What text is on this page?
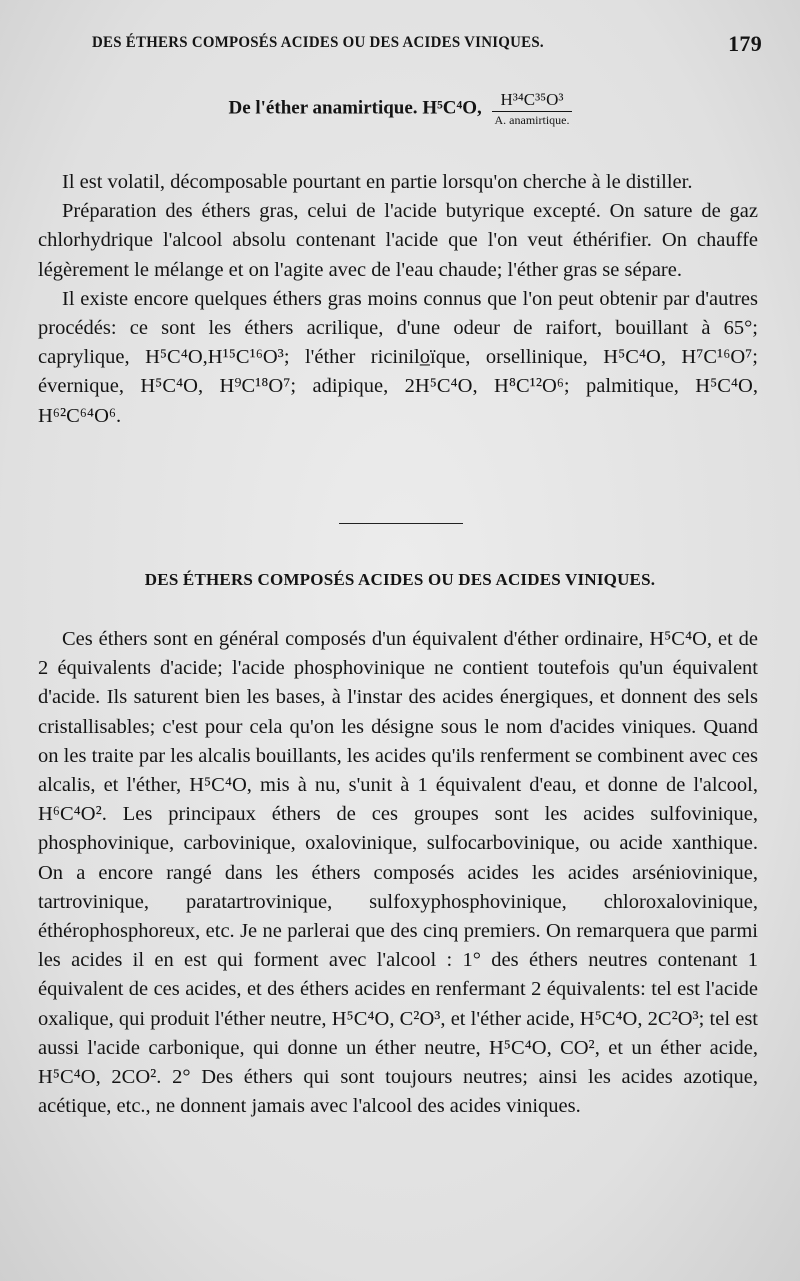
DES ÉTHERS COMPOSÉS ACIDES OU DES ACIDES VINIQUES.	179
De l'éther anamirtique. H⁵C⁴O, $\frac{\text{H³⁴C³⁵O³}}{\text{A. anamirtique.}}$

Il est volatil, décomposable pourtant en partie lorsqu'on cherche à le distiller.

Préparation des éthers gras, celui de l'acide butyrique excepté. On sature de gaz chlorhydrique l'alcool absolu contenant l'acide que l'on veut éthérifier. On chauffe légèrement le mélange et on l'agite avec de l'eau chaude; l'éther gras se sépare.

Il existe encore quelques éthers gras moins connus que l'on peut obtenir par d'autres procédés: ce sont les éthers acrilique, d'une odeur de raifort, bouillant à 65°; caprylique, H⁵C⁴O,H¹⁵C¹⁶O³; l'éther ricinilo̲ïque, orsellinique, H⁵C⁴O, H⁷C¹⁶O⁷; évernique, H⁵C⁴O, H⁹C¹⁸O⁷; adipique, 2H⁵C⁴O, H⁸C¹²O⁶; palmitique, H⁵C⁴O, H⁶²C⁶⁴O⁶.

DES ÉTHERS COMPOSÉS ACIDES OU DES ACIDES VINIQUES.

Ces éthers sont en général composés d'un équivalent d'éther ordinaire, H⁵C⁴O, et de 2 équivalents d'acide; l'acide phosphovinique ne contient toutefois qu'un équivalent d'acide. Ils saturent bien les bases, à l'instar des acides énergiques, et donnent des sels cristallisables; c'est pour cela qu'on les désigne sous le nom d'acides viniques. Quand on les traite par les alcalis bouillants, les acides qu'ils renferment se combinent avec ces alcalis, et l'éther, H⁵C⁴O, mis à nu, s'unit à 1 équivalent d'eau, et donne de l'alcool, H⁶C⁴O². Les principaux éthers de ces groupes sont les acides sulfovinique, phosphovinique, carbovinique, oxalovinique, sulfocarbovinique, ou acide xanthique. On a encore rangé dans les éthers composés acides les acides arséniovinique, tartrovinique, paratartrovinique, sulfoxyphosphovinique, chloroxalovinique, éthérophosphoreux, etc. Je ne parlerai que des cinq premiers. On remarquera que parmi les acides il en est qui forment avec l'alcool : 1° des éthers neutres contenant 1 équivalent de ces acides, et des éthers acides en renfermant 2 équivalents: tel est l'acide oxalique, qui produit l'éther neutre, H⁵C⁴O, C²O³, et l'éther acide, H⁵C⁴O, 2C²O³; tel est aussi l'acide carbonique, qui donne un éther neutre, H⁵C⁴O, CO², et un éther acide, H⁵C⁴O, 2CO². 2° Des éthers qui sont toujours neutres; ainsi les acides azotique, acétique, etc., ne donnent jamais avec l'alcool des acides viniques.
